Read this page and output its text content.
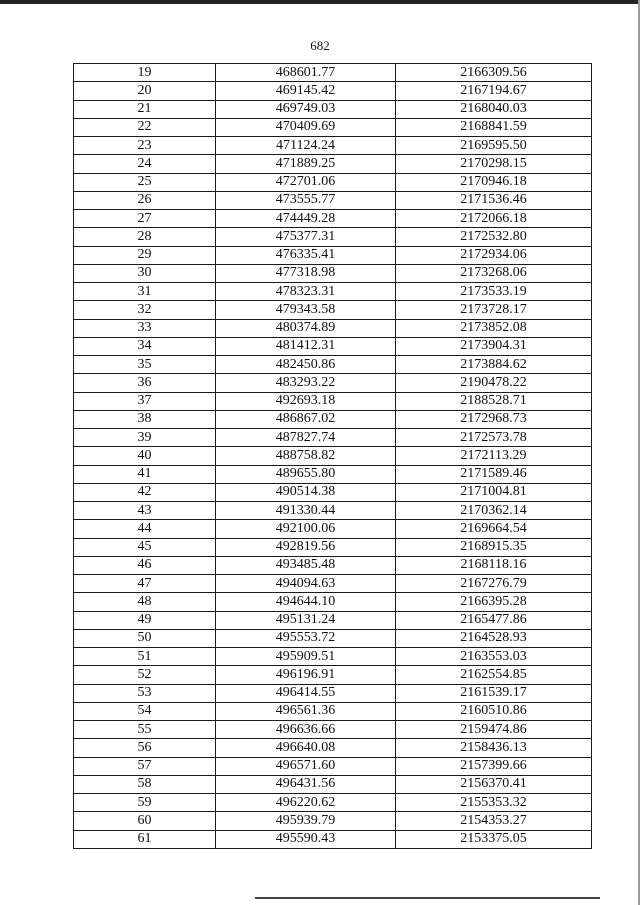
682
19	468601.77	2166309.56
20	469145.42	2167194.67
21	469749.03	2168040.03
22	470409.69	2168841.59
23	471124.24	2169595.50
24	471889.25	2170298.15
25	472701.06	2170946.18
26	473555.77	2171536.46
27	474449.28	2172066.18
28	475377.31	2172532.80
29	476335.41	2172934.06
30	477318.98	2173268.06
31	478323.31	2173533.19
32	479343.58	2173728.17
33	480374.89	2173852.08
34	481412.31	2173904.31
35	482450.86	2173884.62
36	483293.22	2190478.22
37	492693.18	2188528.71
38	486867.02	2172968.73
39	487827.74	2172573.78
40	488758.82	2172113.29
41	489655.80	2171589.46
42	490514.38	2171004.81
43	491330.44	2170362.14
44	492100.06	2169664.54
45	492819.56	2168915.35
46	493485.48	2168118.16
47	494094.63	2167276.79
48	494644.10	2166395.28
49	495131.24	2165477.86
50	495553.72	2164528.93
51	495909.51	2163553.03
52	496196.91	2162554.85
53	496414.55	2161539.17
54	496561.36	2160510.86
55	496636.66	2159474.86
56	496640.08	2158436.13
57	496571.60	2157399.66
58	496431.56	2156370.41
59	496220.62	2155353.32
60	495939.79	2154353.27
61	495590.43	2153375.05
